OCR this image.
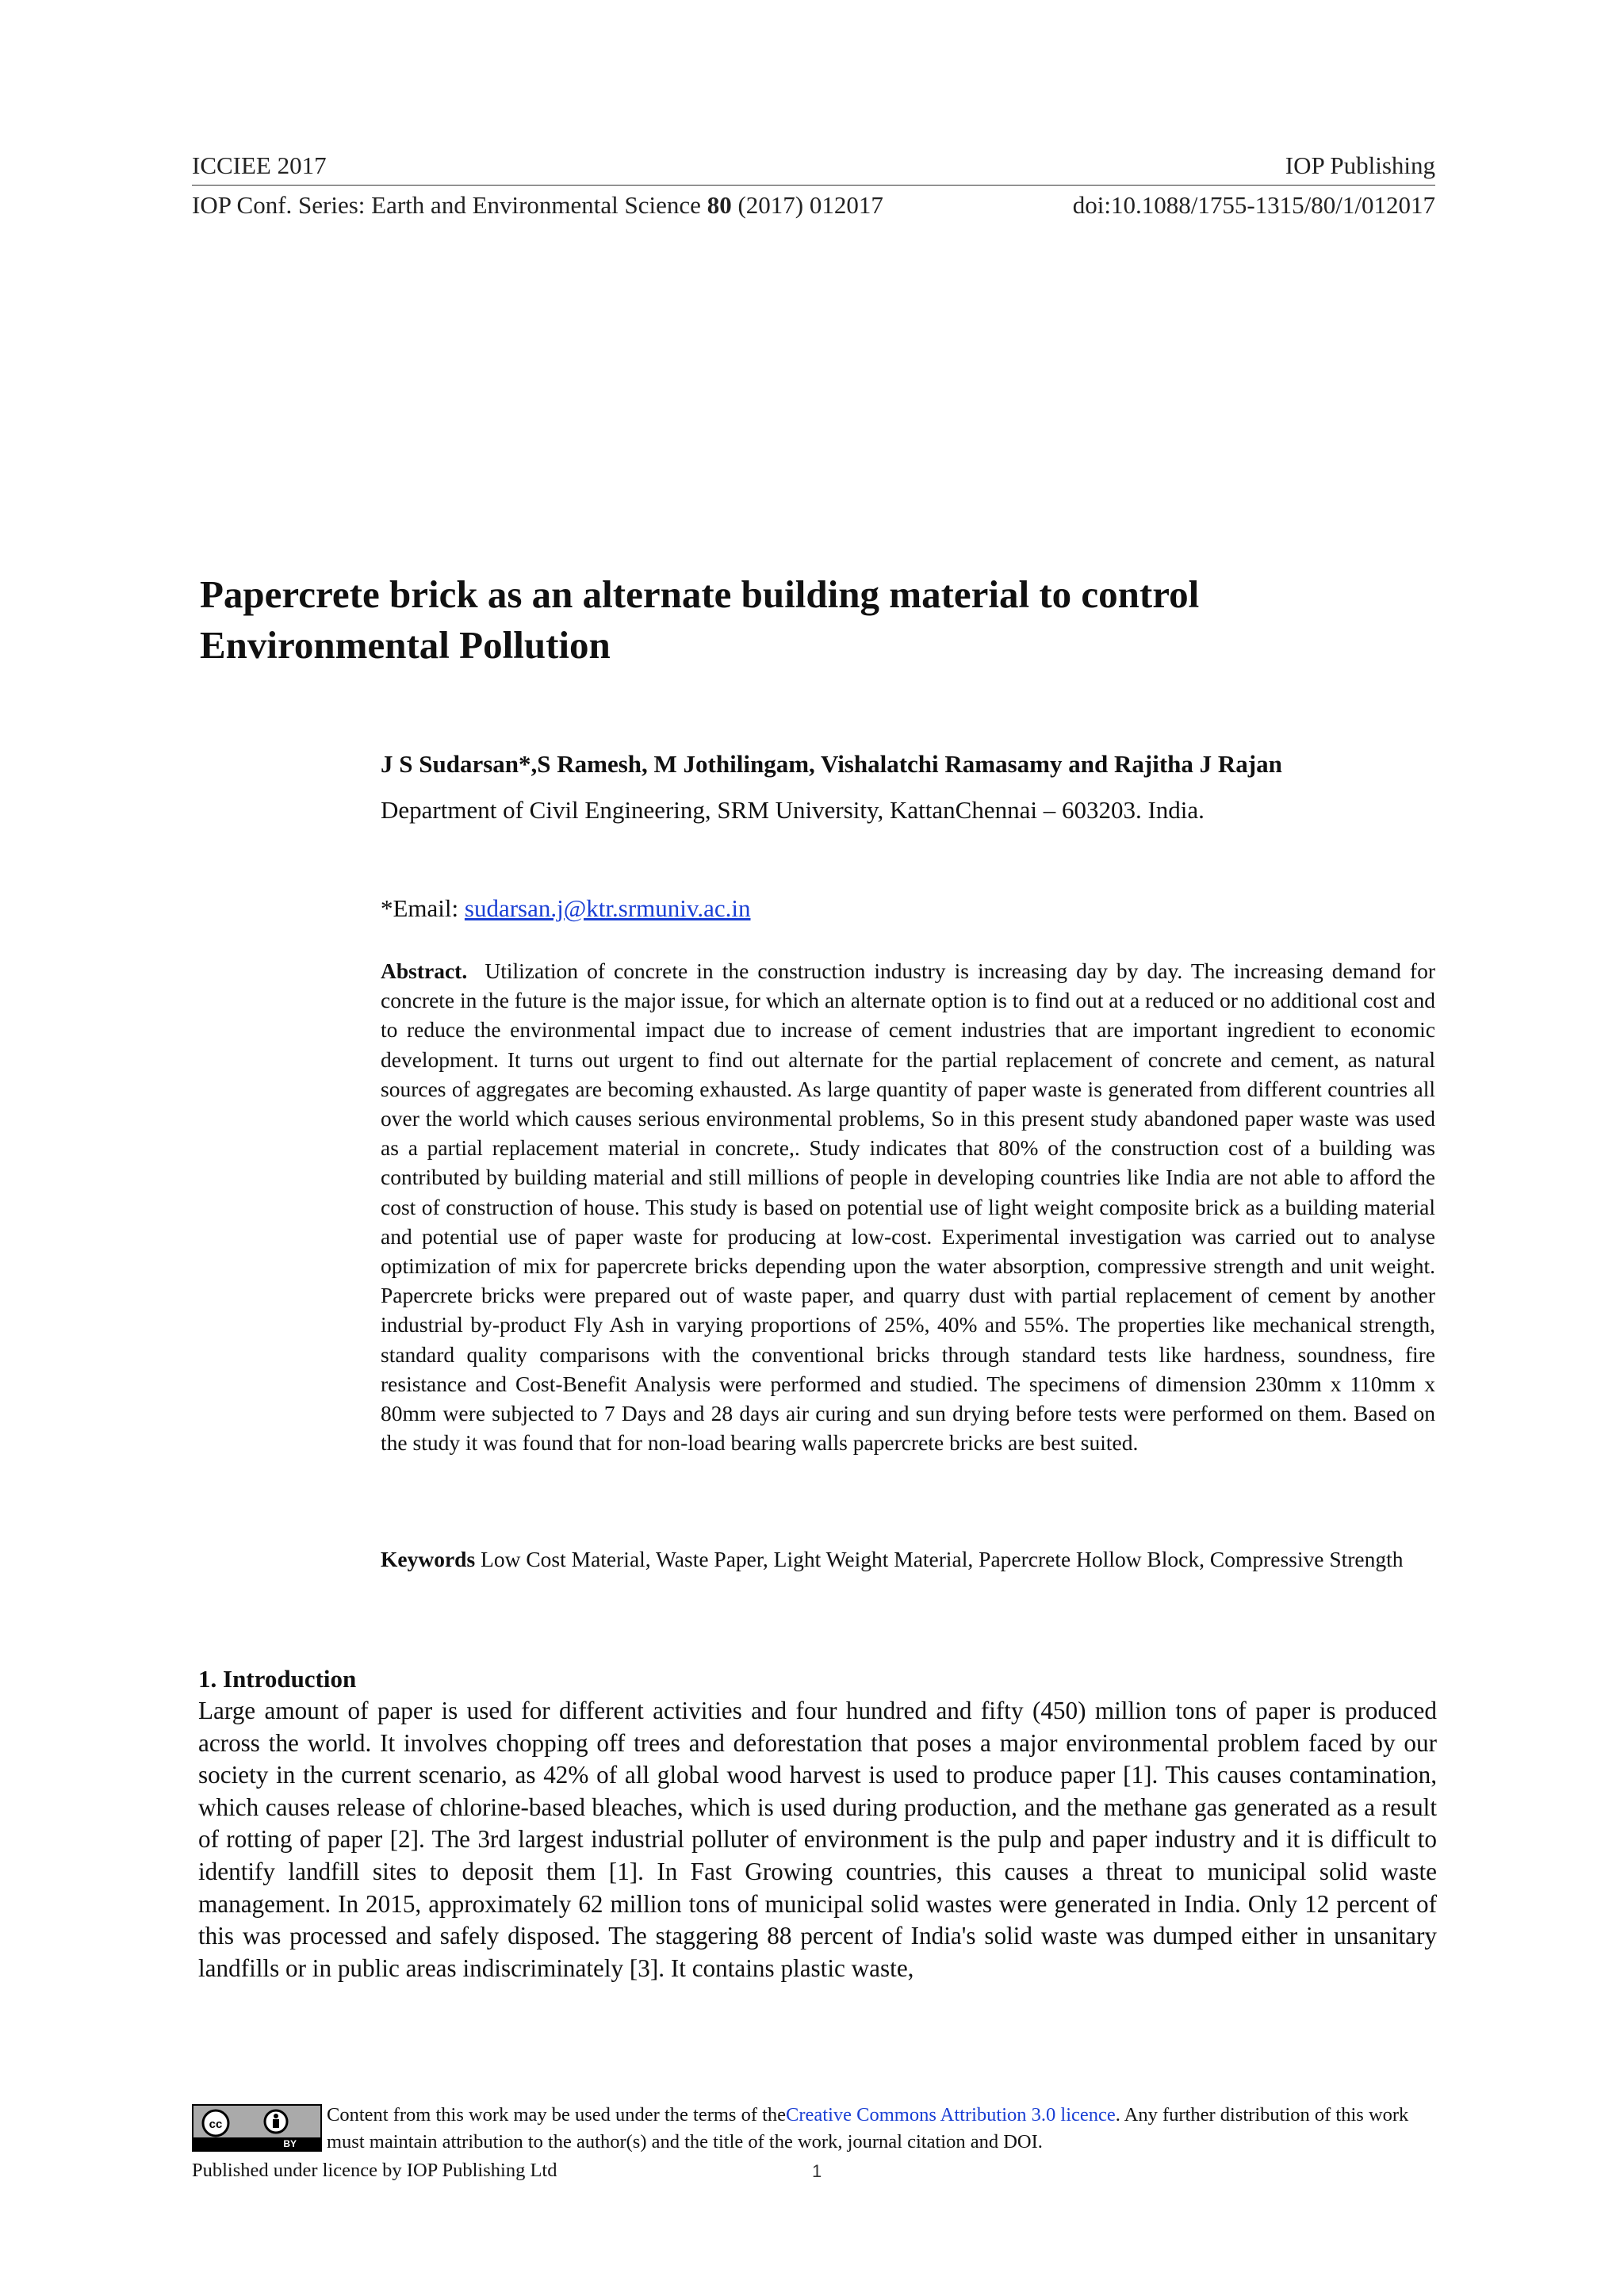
ICCIEE 2017	IOP Publishing
IOP Conf. Series: Earth and Environmental Science 80 (2017) 012017	doi:10.1088/1755-1315/80/1/012017
Papercrete brick as an alternate building material to control Environmental Pollution
J S Sudarsan*,S Ramesh, M Jothilingam, Vishalatchi Ramasamy and Rajitha J Rajan
Department of Civil Engineering, SRM University, KattanChennai – 603203. India.
*Email: sudarsan.j@ktr.srmuniv.ac.in
Abstract. Utilization of concrete in the construction industry is increasing day by day. The increasing demand for concrete in the future is the major issue, for which an alternate option is to find out at a reduced or no additional cost and to reduce the environmental impact due to increase of cement industries that are important ingredient to economic development. It turns out urgent to find out alternate for the partial replacement of concrete and cement, as natural sources of aggregates are becoming exhausted. As large quantity of paper waste is generated from different countries all over the world which causes serious environmental problems, So in this present study abandoned paper waste was used as a partial replacement material in concrete,. Study indicates that 80% of the construction cost of a building was contributed by building material and still millions of people in developing countries like India are not able to afford the cost of construction of house. This study is based on potential use of light weight composite brick as a building material and potential use of paper waste for producing at low-cost. Experimental investigation was carried out to analyse optimization of mix for papercrete bricks depending upon the water absorption, compressive strength and unit weight. Papercrete bricks were prepared out of waste paper, and quarry dust with partial replacement of cement by another industrial by-product Fly Ash in varying proportions of 25%, 40% and 55%. The properties like mechanical strength, standard quality comparisons with the conventional bricks through standard tests like hardness, soundness, fire resistance and Cost-Benefit Analysis were performed and studied. The specimens of dimension 230mm x 110mm x 80mm were subjected to 7 Days and 28 days air curing and sun drying before tests were performed on them. Based on the study it was found that for non-load bearing walls papercrete bricks are best suited.
Keywords Low Cost Material, Waste Paper, Light Weight Material, Papercrete Hollow Block, Compressive Strength
1. Introduction
Large amount of paper is used for different activities and four hundred and fifty (450) million tons of paper is produced across the world. It involves chopping off trees and deforestation that poses a major environmental problem faced by our society in the current scenario, as 42% of all global wood harvest is used to produce paper [1]. This causes contamination, which causes release of chlorine-based bleaches, which is used during production, and the methane gas generated as a result of rotting of paper [2]. The 3rd largest industrial polluter of environment is the pulp and paper industry and it is difficult to identify landfill sites to deposit them [1]. In Fast Growing countries, this causes a threat to municipal solid waste management. In 2015, approximately 62 million tons of municipal solid wastes were generated in India. Only 12 percent of this was processed and safely disposed. The staggering 88 percent of India's solid waste was dumped either in unsanitary landfills or in public areas indiscriminately [3]. It contains plastic waste,
cc
BY
Content from this work may be used under the terms of theCreative Commons Attribution 3.0 licence. Any further distribution of this work must maintain attribution to the author(s) and the title of the work, journal citation and DOI.
Published under licence by IOP Publishing Ltd	1
